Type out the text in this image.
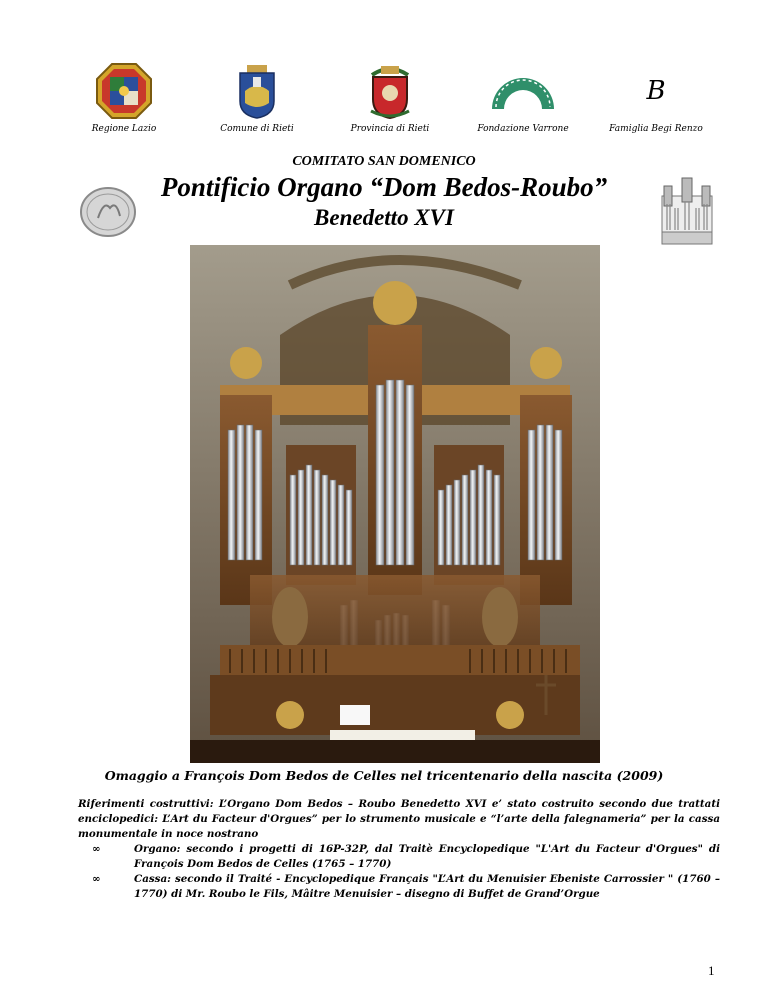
Regione Lazio	Comune di Rieti	Provincia di Rieti	Fondazione Varrone
B
Famiglia Begi Renzo
COMITATO SAN DOMENICO
Pontificio Organo “Dom Bedos-Roubo”
Benedetto XVI
Omaggio a François Dom Bedos de Celles nel tricentenario della nascita (2009)

Riferimenti costruttivi: L’Organo Dom Bedos – Roubo Benedetto XVI e’ stato costruito secondo due trattati enciclopedici: L’Art du Facteur d'Orgues” per lo strumento musicale e “l’arte della falegnameria” per la cassa monumentale in noce nostrano

∞	Organo: secondo i progetti di 16P-32P, dal Traitè Encyclopedique "L'Art du Facteur d'Orgues" di François Dom Bedos de Celles (1765 – 1770)
∞	Cassa: secondo il Traité - Encyclopedique Français "L’Art du Menuisier Ebeniste Carrossier " (1760 – 1770) di Mr. Roubo le Fils, Mâitre Menuisier – disegno di Buffet de Grand’Orgue
1
